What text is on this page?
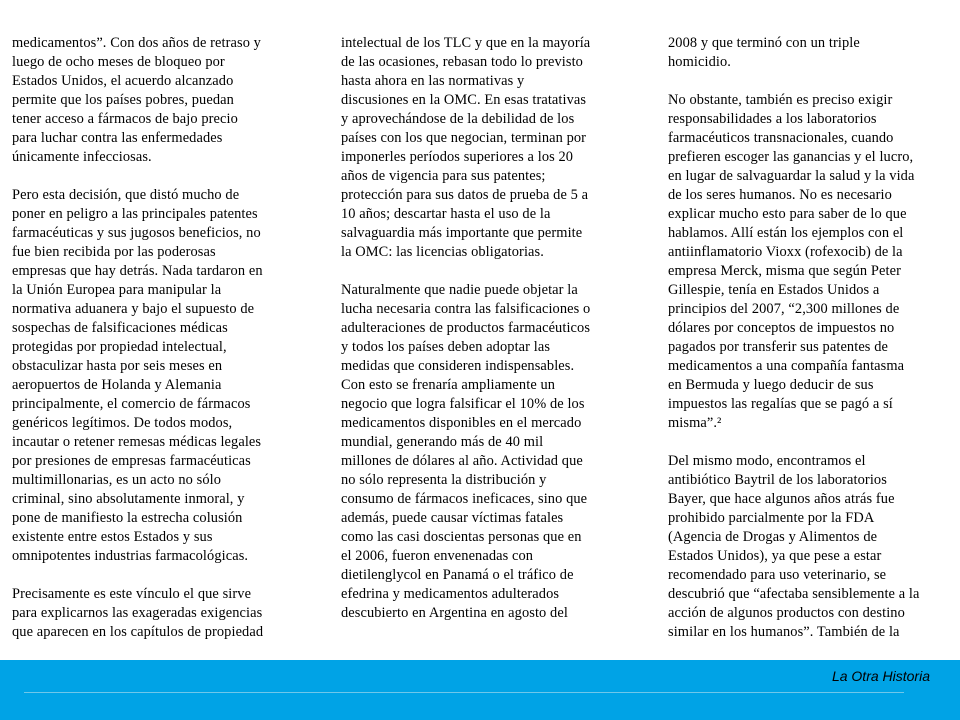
medicamentos”. Con dos años de retraso y
luego de ocho meses de bloqueo por
Estados Unidos, el acuerdo alcanzado
permite que los países pobres, puedan
tener acceso a fármacos de bajo precio
para luchar contra las enfermedades
únicamente infecciosas.

Pero esta decisión, que distó mucho de
poner en peligro a las principales patentes
farmacéuticas y sus jugosos beneficios, no
fue bien recibida por las poderosas
empresas que hay detrás. Nada tardaron en
la Unión Europea para manipular la
normativa aduanera y bajo el supuesto de
sospechas de falsificaciones médicas
protegidas por propiedad intelectual,
obstaculizar hasta por seis meses en
aeropuertos de Holanda y Alemania
principalmente, el comercio de fármacos
genéricos legítimos. De todos modos,
incautar o retener remesas médicas legales
por presiones de empresas farmacéuticas
multimillonarias, es un acto no sólo
criminal, sino absolutamente inmoral, y
pone de manifiesto la estrecha colusión
existente entre estos Estados y sus
omnipotentes industrias farmacológicas.

Precisamente es este vínculo el que sirve
para explicarnos las exageradas exigencias
que aparecen en los capítulos de propiedad

intelectual de los TLC y que en la mayoría
de las ocasiones, rebasan todo lo previsto
hasta ahora en las normativas y
discusiones en la OMC. En esas tratativas
y aprovechándose de la debilidad de los
países con los que negocian, terminan por
imponerles períodos superiores a los 20
años de vigencia para sus patentes;
protección para sus datos de prueba de 5 a
10 años; descartar hasta el uso de la
salvaguardia más importante que permite
la OMC: las licencias obligatorias.

Naturalmente que nadie puede objetar la
lucha necesaria contra las falsificaciones o
adulteraciones de productos farmacéuticos
y todos los países deben adoptar las
medidas que consideren indispensables.
Con esto se frenaría ampliamente un
negocio que logra falsificar el 10% de los
medicamentos disponibles en el mercado
mundial, generando más de 40 mil
millones de dólares al año. Actividad que
no sólo representa la distribución y
consumo de fármacos ineficaces, sino que
además, puede causar víctimas fatales
como las casi doscientas personas que en
el 2006, fueron envenenadas con
dietilenglycol en Panamá o el tráfico de
efedrina y medicamentos adulterados
descubierto en Argentina en agosto del

2008 y que terminó con un triple
homicidio.

No obstante, también es preciso exigir
responsabilidades a los laboratorios
farmacéuticos transnacionales, cuando
prefieren escoger las ganancias y el lucro,
en lugar de salvaguardar la salud y la vida
de los seres humanos. No es necesario
explicar mucho esto para saber de lo que
hablamos. Allí están los ejemplos con el
antiinflamatorio Vioxx (rofexocib) de la
empresa Merck, misma que según Peter
Gillespie, tenía en Estados Unidos a
principios del 2007, “2,300 millones de
dólares por conceptos de impuestos no
pagados por transferir sus patentes de
medicamentos a una compañía fantasma
en Bermuda y luego deducir de sus
impuestos las regalías que se pagó a sí
misma”.²

Del mismo modo, encontramos el
antibiótico Baytril de los laboratorios
Bayer, que hace algunos años atrás fue
prohibido parcialmente por la FDA
(Agencia de Drogas y Alimentos de
Estados Unidos), ya que pese a estar
recomendado para uso veterinario, se
descubrió que “afectaba sensiblemente a la
acción de algunos productos con destino
similar en los humanos”. También de la

La Otra Historia
